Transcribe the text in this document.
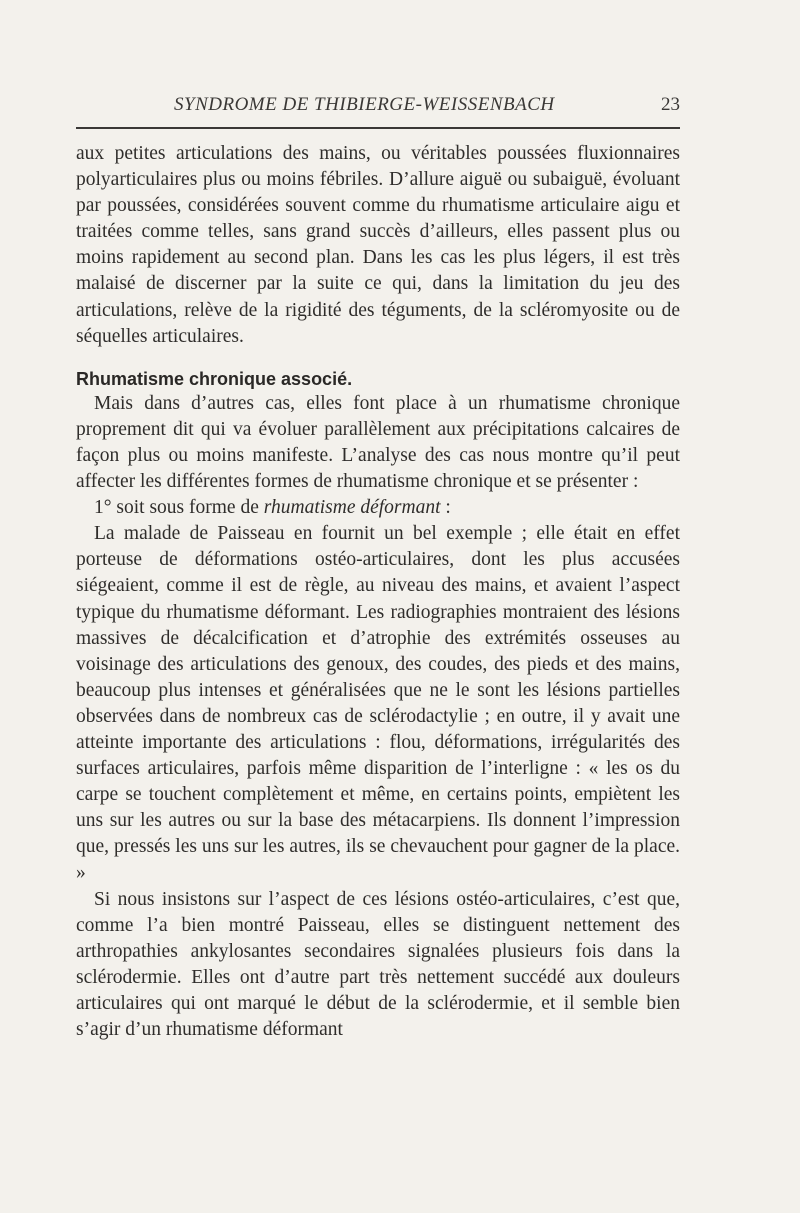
SYNDROME DE THIBIERGE-WEISSENBACH	23

aux petites articulations des mains, ou véritables poussées fluxionnaires polyarticulaires plus ou moins fébriles. D’allure aiguë ou subaiguë, évoluant par poussées, considérées souvent comme du rhumatisme articulaire aigu et traitées comme telles, sans grand succès d’ailleurs, elles passent plus ou moins rapidement au second plan. Dans les cas les plus légers, il est très malaisé de discerner par la suite ce qui, dans la limitation du jeu des articulations, relève de la rigidité des téguments, de la scléromyosite ou de séquelles articulaires.

Rhumatisme chronique associé.

Mais dans d’autres cas, elles font place à un rhumatisme chronique proprement dit qui va évoluer parallèlement aux précipitations calcaires de façon plus ou moins manifeste. L’analyse des cas nous montre qu’il peut affecter les différentes formes de rhumatisme chronique et se présenter :

1° soit sous forme de rhumatisme déformant :

La malade de Paisseau en fournit un bel exemple ; elle était en effet porteuse de déformations ostéo-articulaires, dont les plus accusées siégeaient, comme il est de règle, au niveau des mains, et avaient l’aspect typique du rhumatisme déformant. Les radiographies montraient des lésions massives de décalcification et d’atrophie des extrémités osseuses au voisinage des articulations des genoux, des coudes, des pieds et des mains, beaucoup plus intenses et généralisées que ne le sont les lésions partielles observées dans de nombreux cas de sclérodactylie ; en outre, il y avait une atteinte importante des articulations : flou, déformations, irrégularités des surfaces articulaires, parfois même disparition de l’interligne : « les os du carpe se touchent complètement et même, en certains points, empiètent les uns sur les autres ou sur la base des métacarpiens. Ils donnent l’impression que, pressés les uns sur les autres, ils se chevauchent pour gagner de la place. »

Si nous insistons sur l’aspect de ces lésions ostéo-articulaires, c’est que, comme l’a bien montré Paisseau, elles se distinguent nettement des arthropathies ankylosantes secondaires signalées plusieurs fois dans la sclérodermie. Elles ont d’autre part très nettement succédé aux douleurs articulaires qui ont marqué le début de la sclérodermie, et il semble bien s’agir d’un rhumatisme déformant
